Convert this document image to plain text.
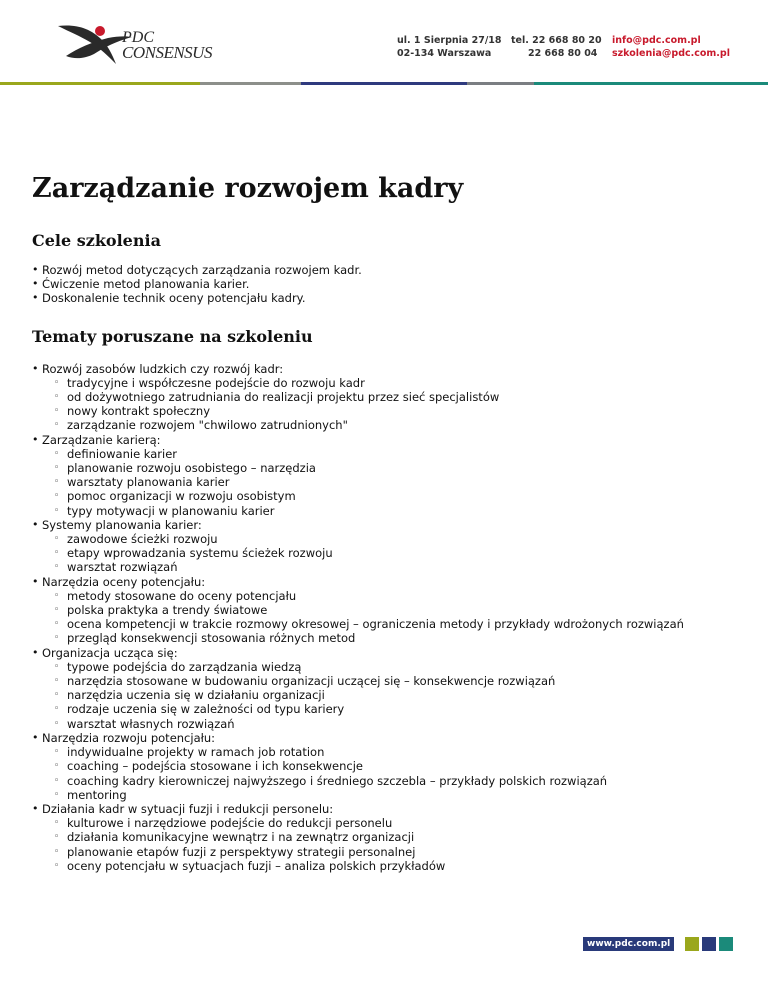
PDC
CONSENSUS
ul. 1 Sierpnia 27/18
02-134 Warszawa
tel. 22 668 80 20
22 668 80 04
info@pdc.com.pl
szkolenia@pdc.com.pl
Zarządzanie rozwojem kadry
Cele szkolenia
• Rozwój metod dotyczących zarządzania rozwojem kadr.
• Ćwiczenie metod planowania karier.
• Doskonalenie technik oceny potencjału kadry.
Tematy poruszane na szkoleniu
• Rozwój zasobów ludzkich czy rozwój kadr:
◦ tradycyjne i współczesne podejście do rozwoju kadr
◦ od dożywotniego zatrudniania do realizacji projektu przez sieć specjalistów
◦ nowy kontrakt społeczny
◦ zarządzanie rozwojem "chwilowo zatrudnionych"
• Zarządzanie karierą:
◦ definiowanie karier
◦ planowanie rozwoju osobistego – narzędzia
◦ warsztaty planowania karier
◦ pomoc organizacji w rozwoju osobistym
◦ typy motywacji w planowaniu karier
• Systemy planowania karier:
◦ zawodowe ścieżki rozwoju
◦ etapy wprowadzania systemu ścieżek rozwoju
◦ warsztat rozwiązań
• Narzędzia oceny potencjału:
◦ metody stosowane do oceny potencjału
◦ polska praktyka a trendy światowe
◦ ocena kompetencji w trakcie rozmowy okresowej – ograniczenia metody i przykłady wdrożonych rozwiązań
◦ przegląd konsekwencji stosowania różnych metod
• Organizacja ucząca się:
◦ typowe podejścia do zarządzania wiedzą
◦ narzędzia stosowane w budowaniu organizacji uczącej się – konsekwencje rozwiązań
◦ narzędzia uczenia się w działaniu organizacji
◦ rodzaje uczenia się w zależności od typu kariery
◦ warsztat własnych rozwiązań
• Narzędzia rozwoju potencjału:
◦ indywidualne projekty w ramach job rotation
◦ coaching – podejścia stosowane i ich konsekwencje
◦ coaching kadry kierowniczej najwyższego i średniego szczebla – przykłady polskich rozwiązań
◦ mentoring
• Działania kadr w sytuacji fuzji i redukcji personelu:
◦ kulturowe i narzędziowe podejście do redukcji personelu
◦ działania komunikacyjne wewnątrz i na zewnątrz organizacji
◦ planowanie etapów fuzji z perspektywy strategii personalnej
◦ oceny potencjału w sytuacjach fuzji – analiza polskich przykładów
www.pdc.com.pl
